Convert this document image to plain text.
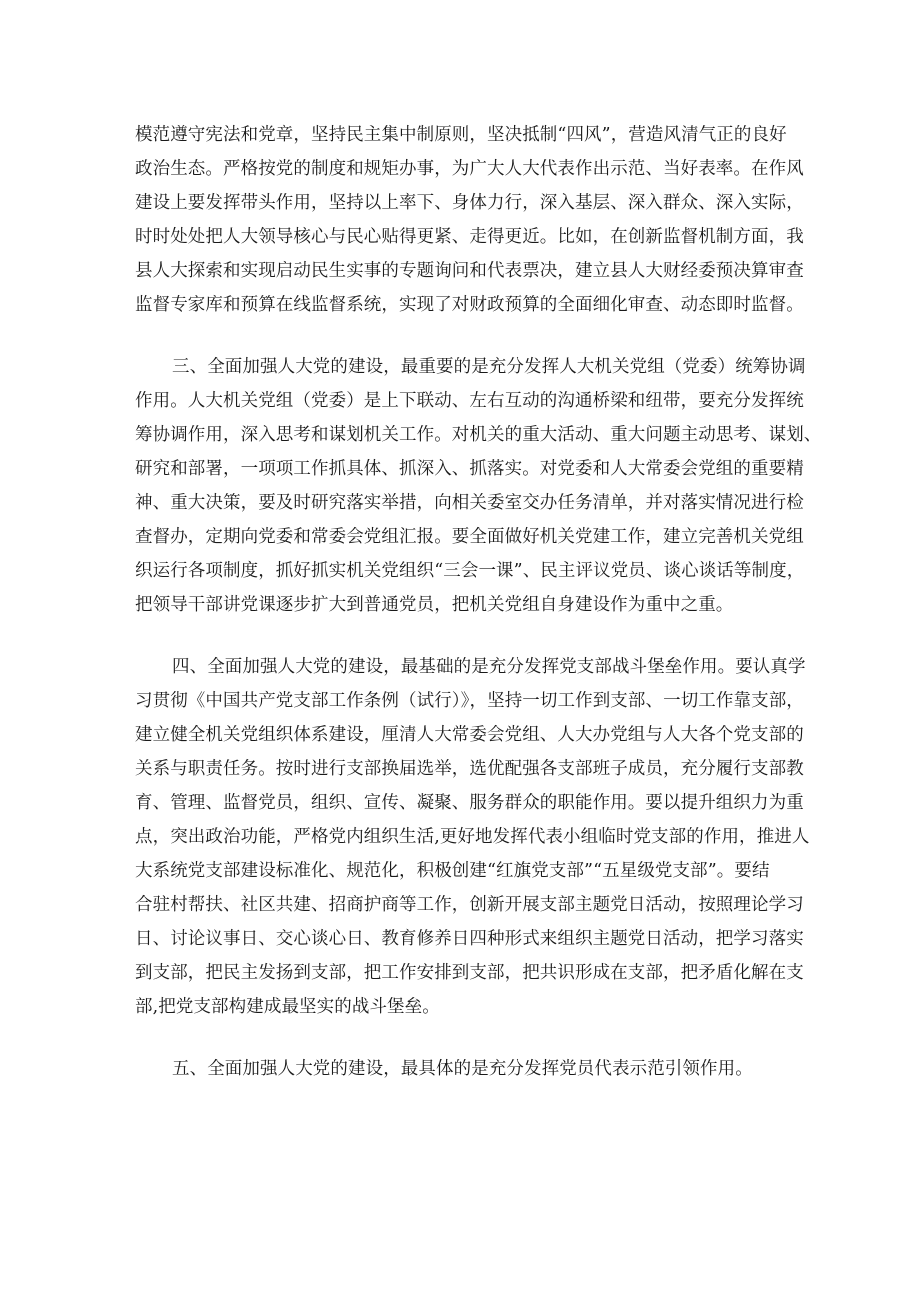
模范遵守宪法和党章，坚持民主集中制原则，坚决抵制“四风”，营造风清气正的良好
政治生态。严格按党的制度和规矩办事，为广大人大代表作出示范、当好表率。在作风
建设上要发挥带头作用，坚持以上率下、身体力行，深入基层、深入群众、深入实际，
时时处处把人大领导核心与民心贴得更紧、走得更近。比如，在创新监督机制方面，我
县人大探索和实现启动民生实事的专题询问和代表票决，建立县人大财经委预决算审查
监督专家库和预算在线监督系统，实现了对财政预算的全面细化审查、动态即时监督。
三、全面加强人大党的建设，最重要的是充分发挥人大机关党组（党委）统筹协调
作用。人大机关党组（党委）是上下联动、左右互动的沟通桥梁和纽带，要充分发挥统
筹协调作用，深入思考和谋划机关工作。对机关的重大活动、重大问题主动思考、谋划、
研究和部署，一项项工作抓具体、抓深入、抓落实。对党委和人大常委会党组的重要精
神、重大决策，要及时研究落实举措，向相关委室交办任务清单，并对落实情况进行检
查督办，定期向党委和常委会党组汇报。要全面做好机关党建工作，建立完善机关党组
织运行各项制度，抓好抓实机关党组织“三会一课”、民主评议党员、谈心谈话等制度，
把领导干部讲党课逐步扩大到普通党员，把机关党组自身建设作为重中之重。
四、全面加强人大党的建设，最基础的是充分发挥党支部战斗堡垒作用。要认真学
习贯彻《中国共产党支部工作条例（试行）》，坚持一切工作到支部、一切工作靠支部，
建立健全机关党组织体系建设，厘清人大常委会党组、人大办党组与人大各个党支部的
关系与职责任务。按时进行支部换届选举，选优配强各支部班子成员，充分履行支部教
育、管理、监督党员，组织、宣传、凝聚、服务群众的职能作用。要以提升组织力为重
点，突出政治功能，严格党内组织生活,更好地发挥代表小组临时党支部的作用，推进人
大系统党支部建设标准化、规范化，积极创建“红旗党支部”“五星级党支部”。要结
合驻村帮扶、社区共建、招商护商等工作，创新开展支部主题党日活动，按照理论学习
日、讨论议事日、交心谈心日、教育修养日四种形式来组织主题党日活动，把学习落实
到支部，把民主发扬到支部，把工作安排到支部，把共识形成在支部，把矛盾化解在支
部,把党支部构建成最坚实的战斗堡垒。
五、全面加强人大党的建设，最具体的是充分发挥党员代表示范引领作用。
